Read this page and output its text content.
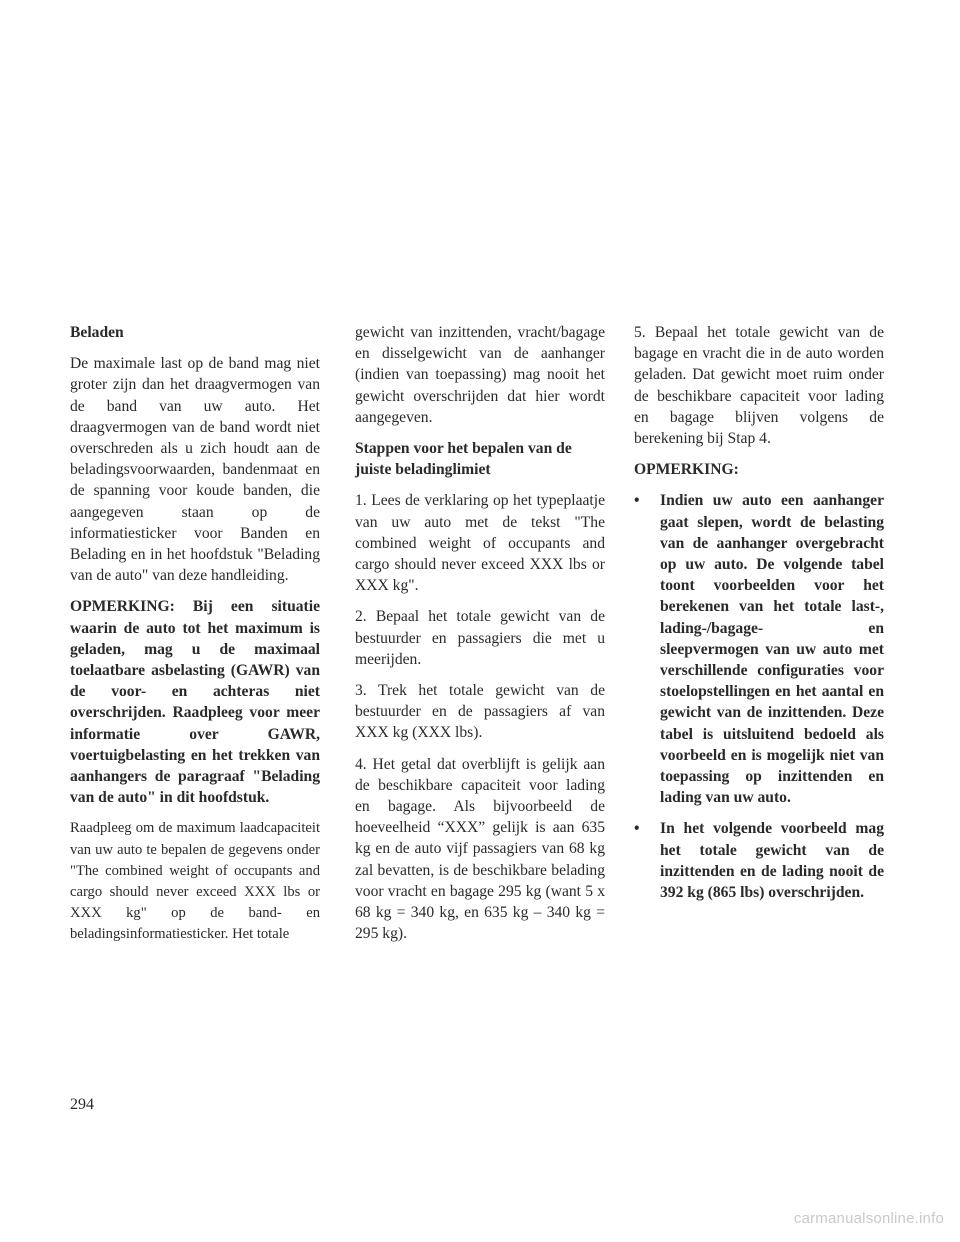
Beladen

De maximale last op de band mag niet groter zijn dan het draagvermogen van de band van uw auto. Het draagvermogen van de band wordt niet overschreden als u zich houdt aan de beladingsvoorwaarden, bandenmaat en de spanning voor koude banden, die aangegeven staan op de informatiesticker voor Banden en Belading en in het hoofdstuk "Belading van de auto" van deze handleiding.

OPMERKING: Bij een situatie waarin de auto tot het maximum is geladen, mag u de maximaal toelaatbare asbelasting (GAWR) van de voor- en achteras niet overschrijden. Raadpleeg voor meer informatie over GAWR, voertuigbelasting en het trekken van aanhangers de paragraaf "Belading van de auto" in dit hoofdstuk.

Raadpleeg om de maximum laadcapaciteit van uw auto te bepalen de gegevens onder "The combined weight of occupants and cargo should never exceed XXX lbs or XXX kg" op de band- en beladingsinformatiesticker. Het totale

gewicht van inzittenden, vracht/bagage en disselgewicht van de aanhanger (indien van toepassing) mag nooit het gewicht overschrijden dat hier wordt aangegeven.

Stappen voor het bepalen van de juiste beladinglimiet

1. Lees de verklaring op het typeplaatje van uw auto met de tekst "The combined weight of occupants and cargo should never exceed XXX lbs or XXX kg".

2. Bepaal het totale gewicht van de bestuurder en passagiers die met u meerijden.

3. Trek het totale gewicht van de bestuurder en de passagiers af van XXX kg (XXX lbs).

4. Het getal dat overblijft is gelijk aan de beschikbare capaciteit voor lading en bagage. Als bijvoorbeeld de hoeveelheid “XXX” gelijk is aan 635 kg en de auto vijf passagiers van 68 kg zal bevatten, is de beschikbare belading voor vracht en bagage 295 kg (want 5 x 68 kg = 340 kg, en 635 kg – 340 kg = 295 kg).

5. Bepaal het totale gewicht van de bagage en vracht die in de auto worden geladen. Dat gewicht moet ruim onder de beschikbare capaciteit voor lading en bagage blijven volgens de berekening bij Stap 4.

OPMERKING:

•	Indien uw auto een aanhanger gaat slepen, wordt de belasting van de aanhanger overgebracht op uw auto. De volgende tabel toont voorbeelden voor het berekenen van het totale last-, lading-/bagage- en sleepvermogen van uw auto met verschillende configuraties voor stoelopstellingen en het aantal en gewicht van de inzittenden. Deze tabel is uitsluitend bedoeld als voorbeeld en is mogelijk niet van toepassing op inzittenden en lading van uw auto.
•	In het volgende voorbeeld mag het totale gewicht van de inzittenden en de lading nooit de 392 kg (865 lbs) overschrijden.
294
carmanualsonline.info
